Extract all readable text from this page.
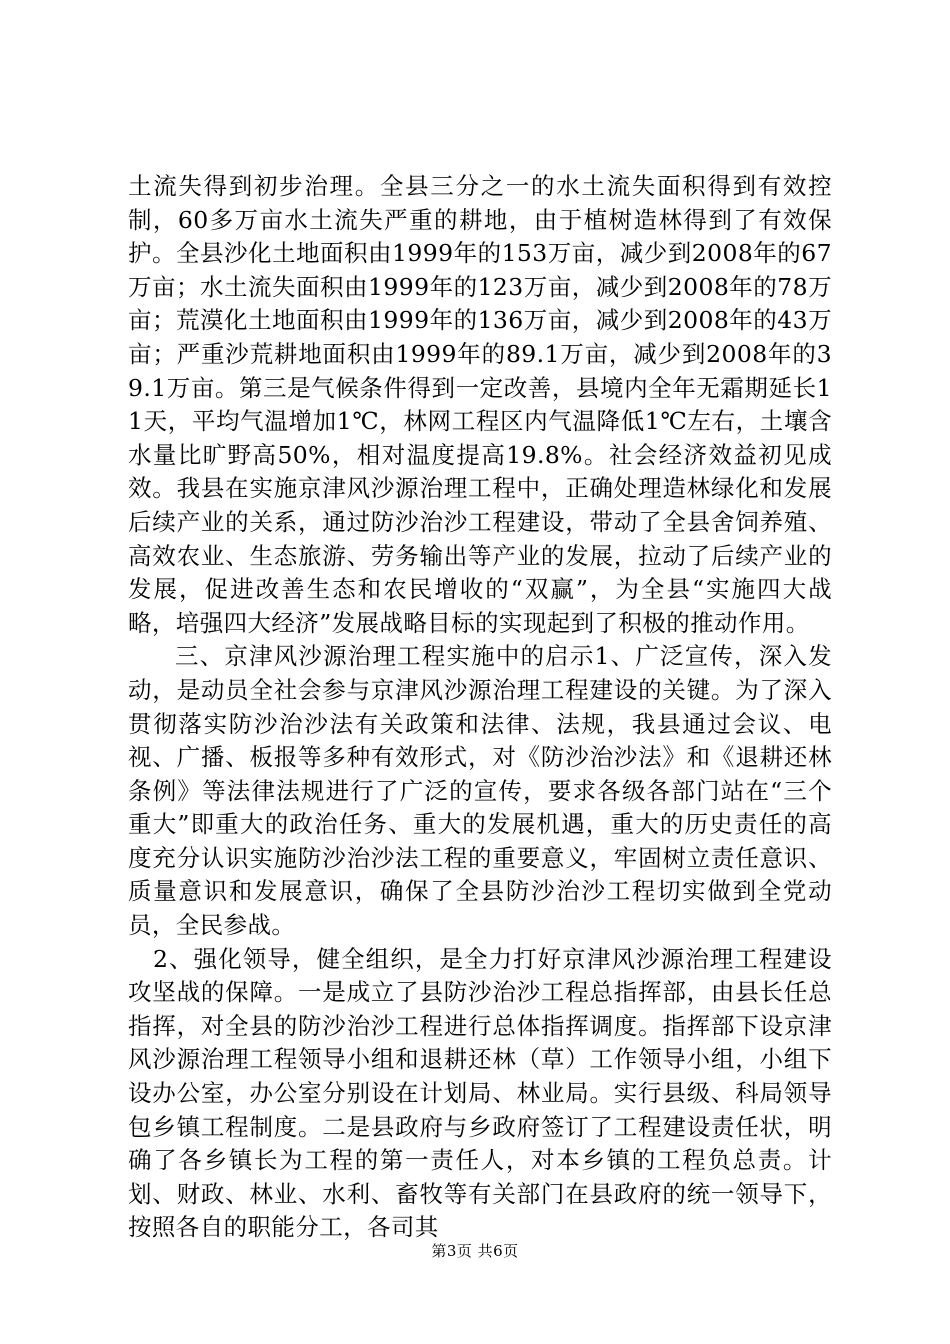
土流失得到初步治理。全县三分之一的水土流失面积得到有效控制，60多万亩水土流失严重的耕地，由于植树造林得到了有效保护。全县沙化土地面积由1999年的153万亩，减少到2008年的67万亩；水土流失面积由1999年的123万亩，减少到2008年的78万亩；荒漠化土地面积由1999年的136万亩，减少到2008年的43万亩；严重沙荒耕地面积由1999年的89.1万亩，减少到2008年的39.1万亩。第三是气候条件得到一定改善，县境内全年无霜期延长11天，平均气温增加1℃，林网工程区内气温降低1℃左右，土壤含水量比旷野高50%，相对温度提高19.8%。社会经济效益初见成效。我县在实施京津风沙源治理工程中，正确处理造林绿化和发展后续产业的关系，通过防沙治沙工程建设，带动了全县舍饲养殖、高效农业、生态旅游、劳务输出等产业的发展，拉动了后续产业的发展，促进改善生态和农民增收的“双赢”，为全县“实施四大战略，培强四大经济”发展战略目标的实现起到了积极的推动作用。

三、京津风沙源治理工程实施中的启示1、广泛宣传，深入发动，是动员全社会参与京津风沙源治理工程建设的关键。为了深入贯彻落实防沙治沙法有关政策和法律、法规，我县通过会议、电视、广播、板报等多种有效形式，对《防沙治沙法》和《退耕还林条例》等法律法规进行了广泛的宣传，要求各级各部门站在“三个重大”即重大的政治任务、重大的发展机遇，重大的历史责任的高度充分认识实施防沙治沙法工程的重要意义，牢固树立责任意识、质量意识和发展意识，确保了全县防沙治沙工程切实做到全党动员，全民参战。

2、强化领导，健全组织，是全力打好京津风沙源治理工程建设攻坚战的保障。一是成立了县防沙治沙工程总指挥部，由县长任总指挥，对全县的防沙治沙工程进行总体指挥调度。指挥部下设京津风沙源治理工程领导小组和退耕还林（草）工作领导小组，小组下设办公室，办公室分别设在计划局、林业局。实行县级、科局领导包乡镇工程制度。二是县政府与乡政府签订了工程建设责任状，明确了各乡镇长为工程的第一责任人，对本乡镇的工程负总责。计划、财政、林业、水利、畜牧等有关部门在县政府的统一领导下，按照各自的职能分工，各司其

第3页 共6页
